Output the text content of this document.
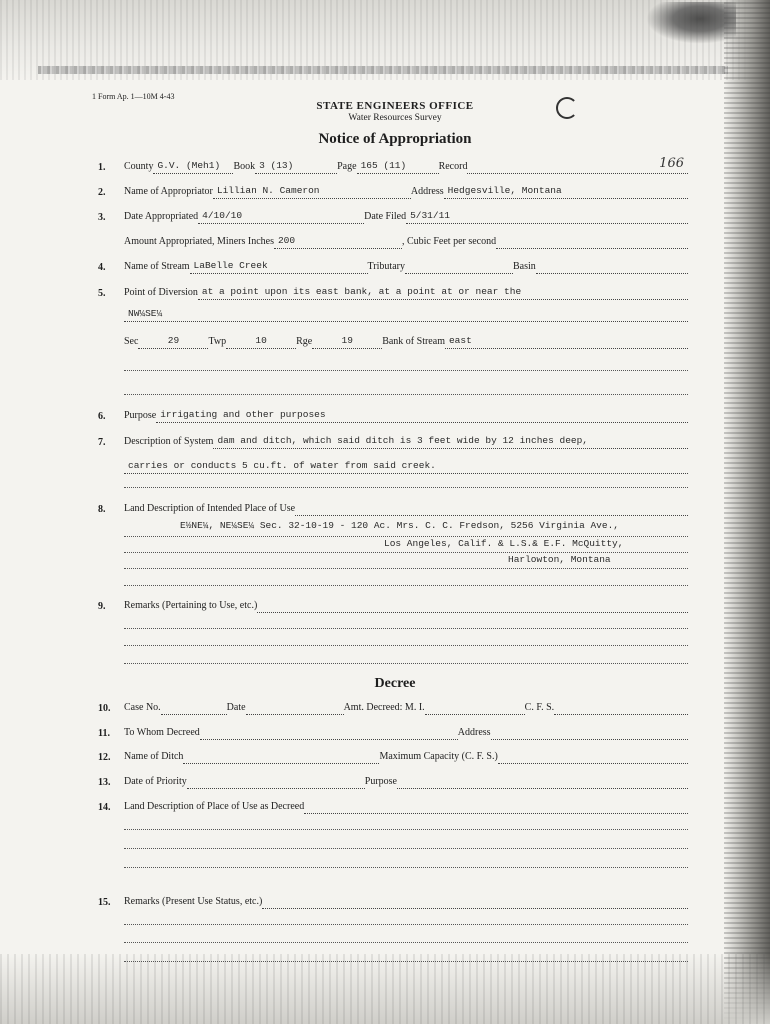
1 Form Ap. 1—10M 4-43
STATE ENGINEERS OFFICE
Water Resources Survey
Notice of Appropriation
1. County G.V. (Meh1)	Book 3 (13)	Page 165 (11)	Record	166
2. Name of Appropriator Lillian N. Cameron	Address Hedgesville, Montana
3. Date Appropriated 4/10/10	Date Filed 5/31/11
Amount Appropriated, Miners Inches 200	, Cubic Feet per second
4. Name of Stream LaBelle Creek	Tributary	Basin
5. Point of Diversion at a point upon its east bank, at a point at or near the
NW¼SE¼
Sec	29	Twp	10	Rge	19	Bank of Stream east
6. Purpose irrigating and other purposes
7. Description of System dam and ditch, which said ditch is 3 feet wide by 12 inches deep,
carries or conducts 5 cu.ft. of water from said creek.
8. Land Description of Intended Place of Use
E½NE¼, NE¼SE¼ Sec. 32-10-19 - 120 Ac. Mrs. C. C. Fredson, 5256 Virginia Ave.,
Los Angeles, Calif. & L.S.& E.F. McQuitty,
Harlowton, Montana
9. Remarks (Pertaining to Use, etc.)
Decree
10. Case No.	Date	Amt. Decreed: M. I.	C. F. S.
11. To Whom Decreed	Address
12. Name of Ditch	Maximum Capacity (C. F. S.)
13. Date of Priority	Purpose
14. Land Description of Place of Use as Decreed
15. Remarks (Present Use Status, etc.)
